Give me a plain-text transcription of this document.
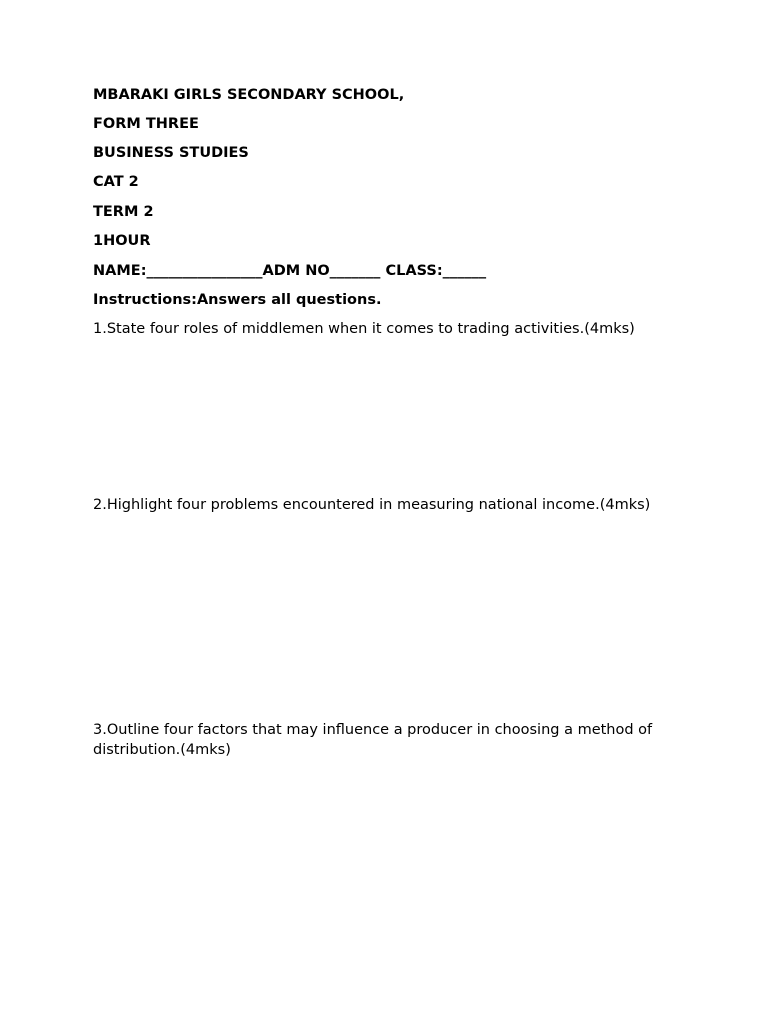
MBARAKI GIRLS SECONDARY SCHOOL,

FORM THREE

BUSINESS STUDIES

CAT 2

TERM 2

1HOUR

NAME:________________ADM NO_______ CLASS:______

Instructions:Answers all questions.

1.State four roles of middlemen when it comes to trading activities.(4mks)

2.Highlight four problems encountered in measuring national income.(4mks)

3.Outline four factors that may influence a producer in choosing a method of distribution.(4mks)
